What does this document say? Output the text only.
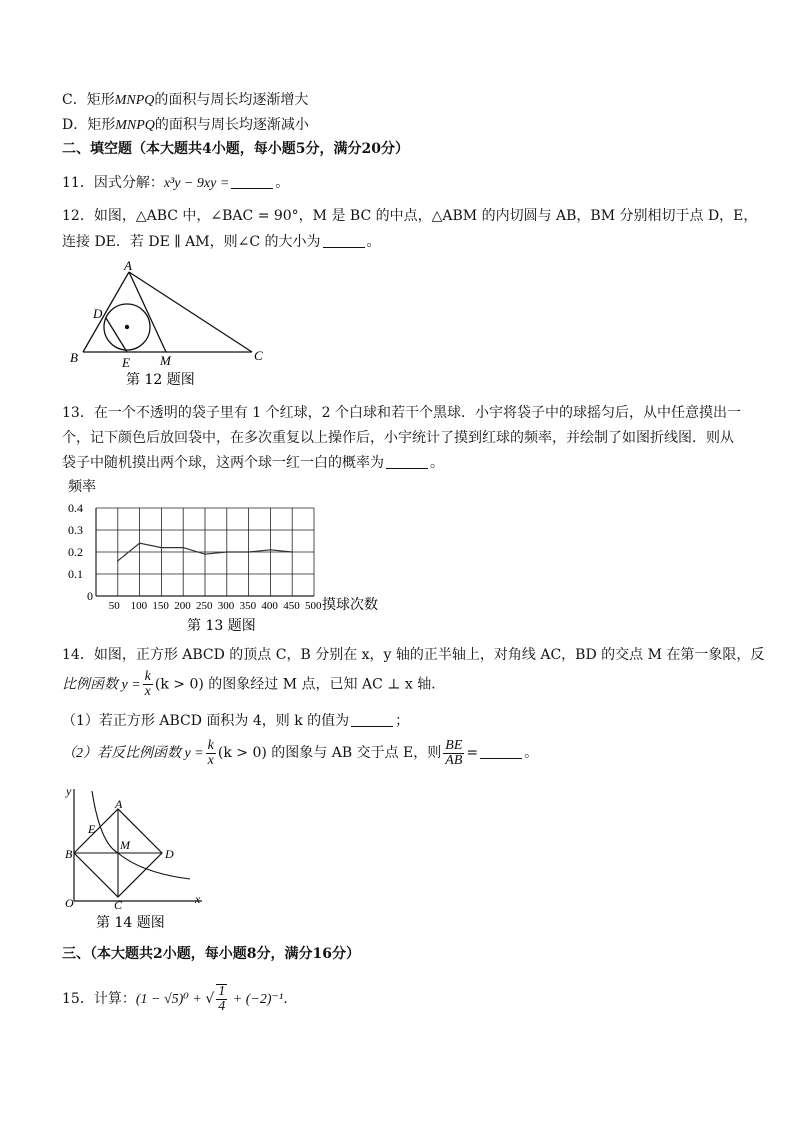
C．矩形MNPQ的面积与周长均逐渐增大
D．矩形MNPQ的面积与周长均逐渐减小
二、填空题（本大题共4小题，每小题5分，满分20分）
11．因式分解：x³y − 9xy =	。
12．如图，△ABC 中，∠BAC = 90°，M 是 BC 的中点，△ABM 的内切圆与 AB，BM 分别相切于点 D，E，
连接 DE．若 DE ∥ AM，则∠C 的大小为	。
A
B	C
D
E M
第 12 题图
13．在一个不透明的袋子里有 1 个红球，2 个白球和若干个黑球．小宇将袋子中的球摇匀后，从中任意摸出一
个，记下颜色后放回袋中，在多次重复以上操作后，小宇统计了摸到红球的频率，并绘制了如图折线图．则从
袋子中随机摸出两个球，这两个球一红一白的概率为	。
频率
摸球次数
0
0.1
0.2
0.3
0.4
50 100 150 200 250 300 350 400 450 500
第 13 题图
14．如图，正方形 ABCD 的顶点 C，B 分别在 x，y 轴的正半轴上，对角线 AC，BD 的交点 M 在第一象限，反
比例函数 $y = \frac{k}{x} (k > 0)$ 的图象经过 M 点，已知 AC ⊥ x 轴．
（1）若正方形 ABCD 面积为 4，则 k 的值为	；
（2）若反比例函数 $y = \frac{k}{x} (k > 0)$ 的图象与 AB 交于点 E，则 $\frac{BE}{AB}$ =	。
y
x
O
A
B
C
D
E
M
第 14 题图
三、（本大题共2小题，每小题8分，满分16分）
15．计算：(1 − √5)⁰ + √ $\frac{1}{4} + (-2)^{-1}$．
